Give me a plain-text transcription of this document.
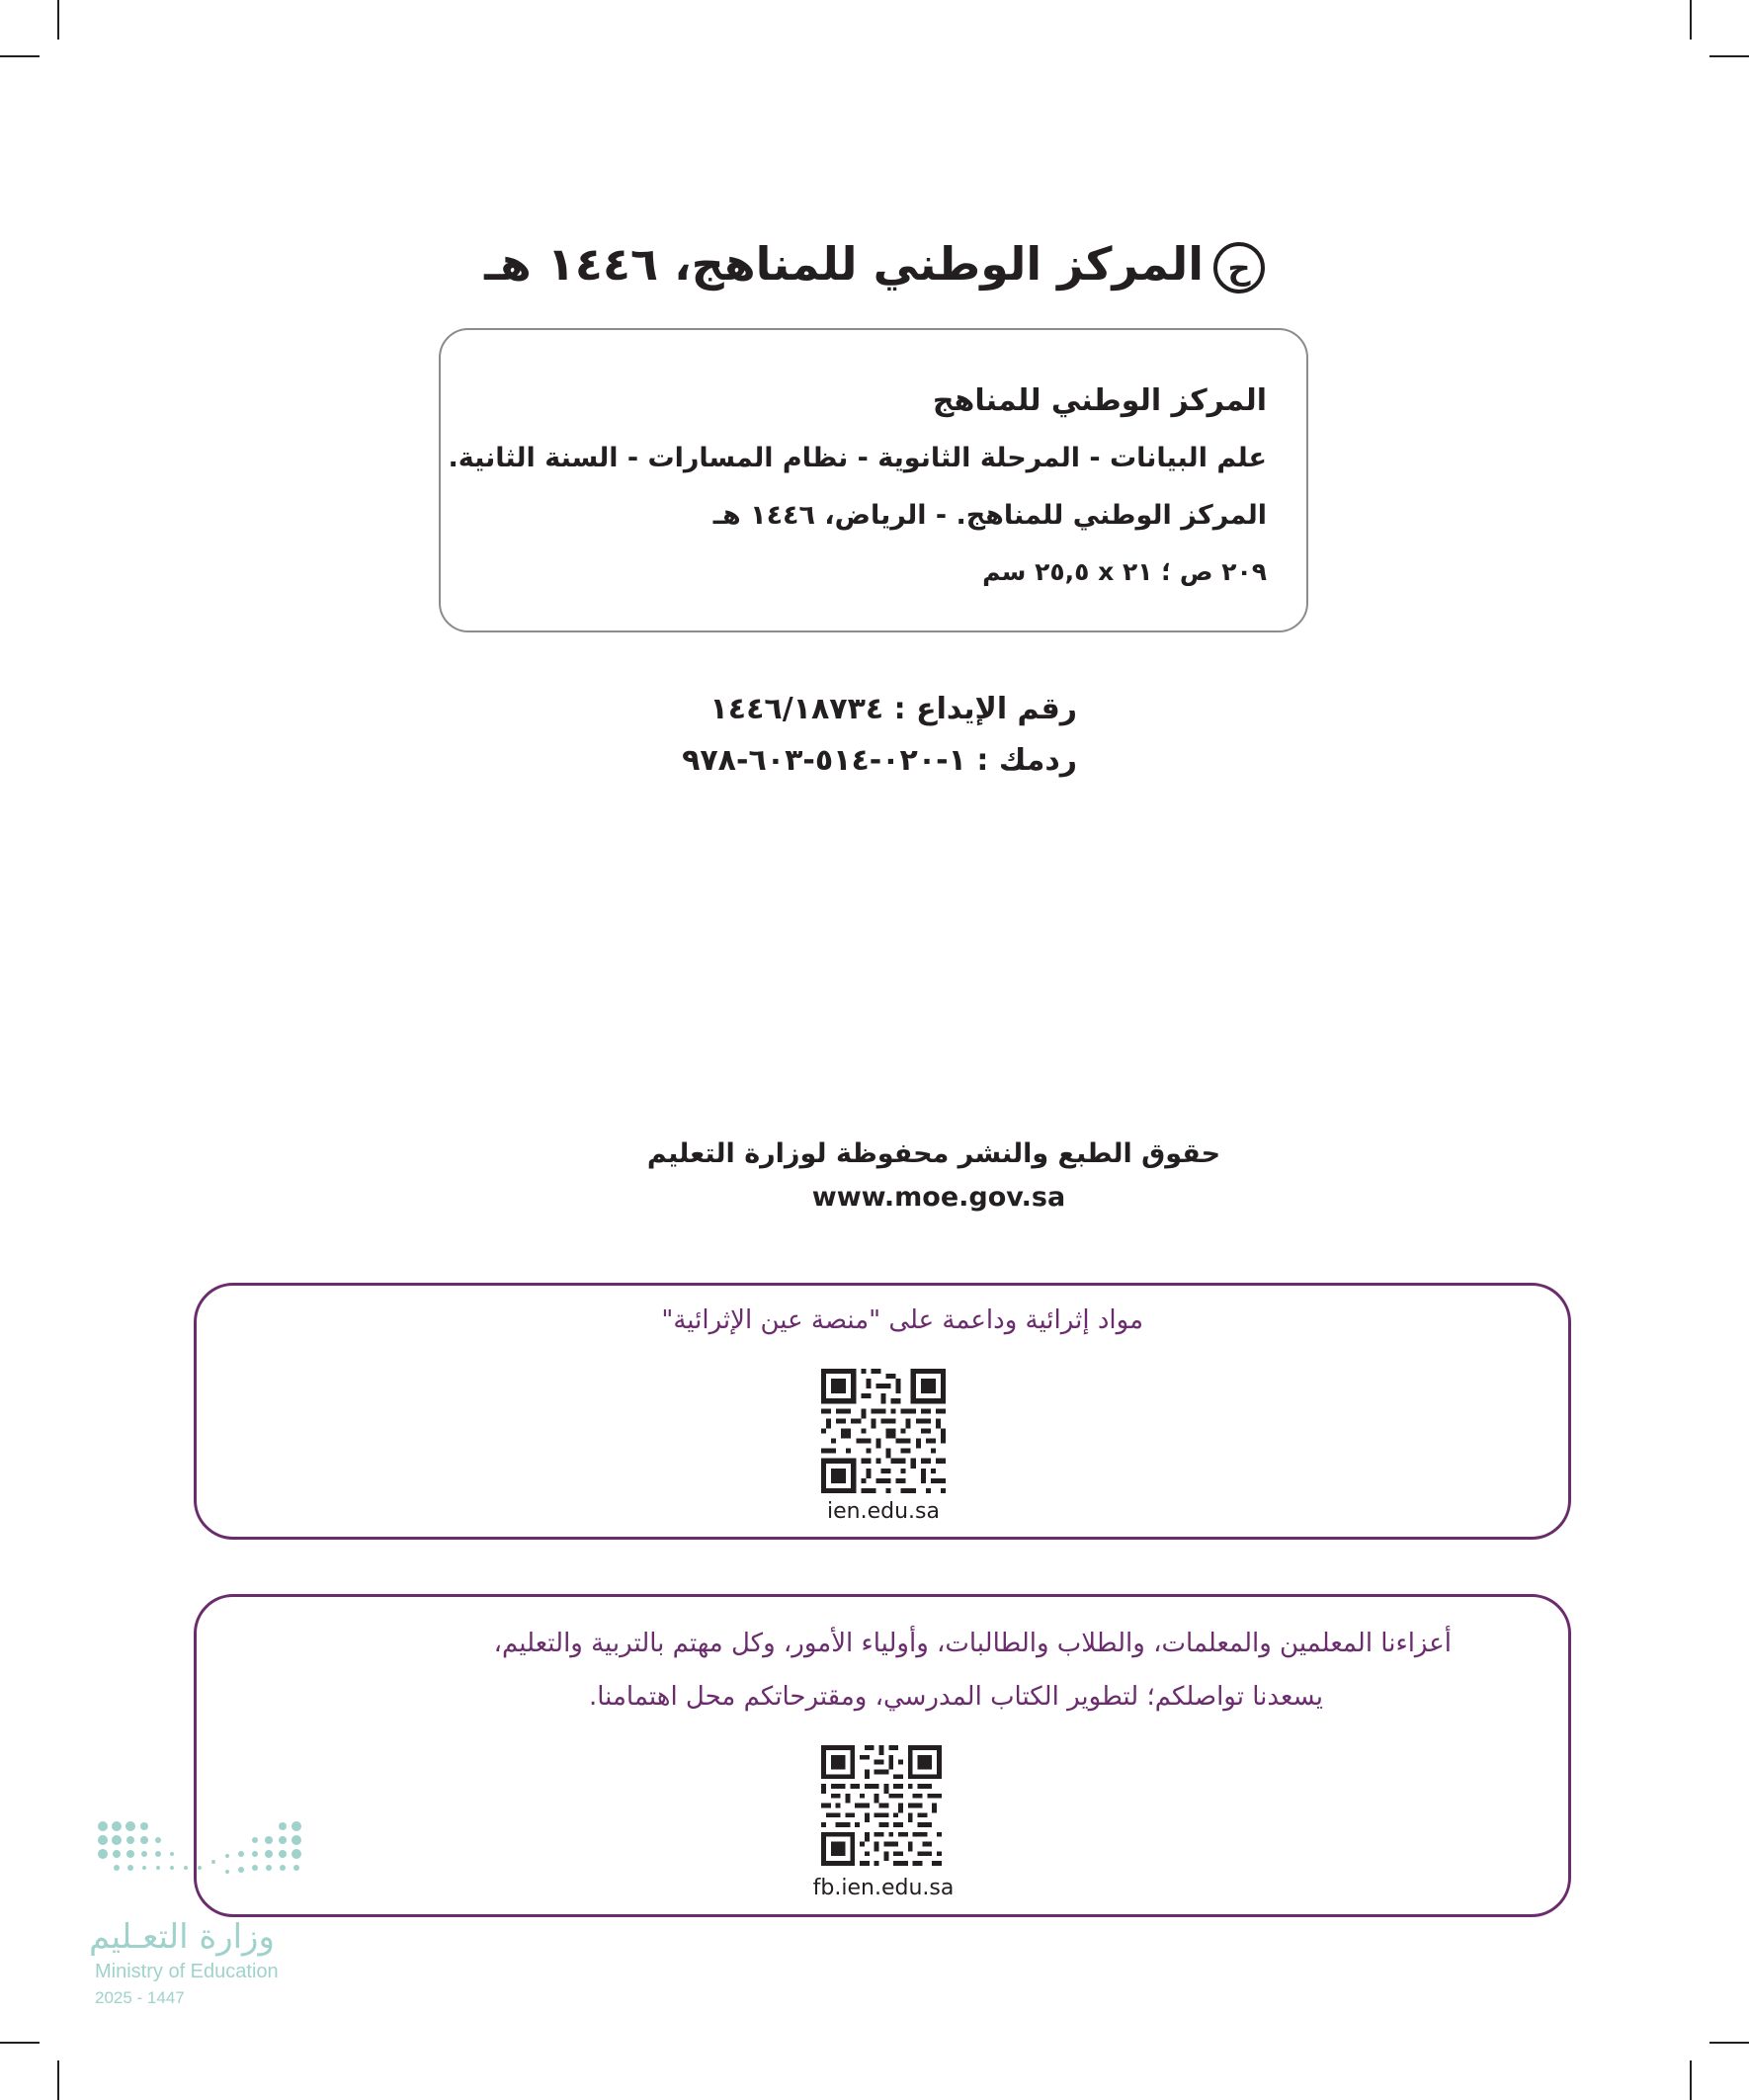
حالمركز الوطني للمناهج، ١٤٤٦ هـ
المركز الوطني للمناهج
علم البيانات - المرحلة الثانوية - نظام المسارات - السنة الثانية.
المركز الوطني للمناهج. - الرياض، ١٤٤٦ هـ
٢٠٩ ص ؛ ٢١ x ٢٥,٥ سم
رقم الإيداع : ١٤٤٦/١٨٧٣٤
ردمك : ١-٠٢٠-٥١٤-٦٠٣-٩٧٨
حقوق الطبع والنشر محفوظة لوزارة التعليم
www.moe.gov.sa
مواد إثرائية وداعمة على "منصة عين الإثرائية"
ien.edu.sa
أعزاءنا المعلمين والمعلمات، والطلاب والطالبات، وأولياء الأمور، وكل مهتم بالتربية والتعليم،
يسعدنا تواصلكم؛ لتطوير الكتاب المدرسي، ومقترحاتكم محل اهتمامنا.
fb.ien.edu.sa
وزارة التعـليم
Ministry of Education
2025 - 1447
